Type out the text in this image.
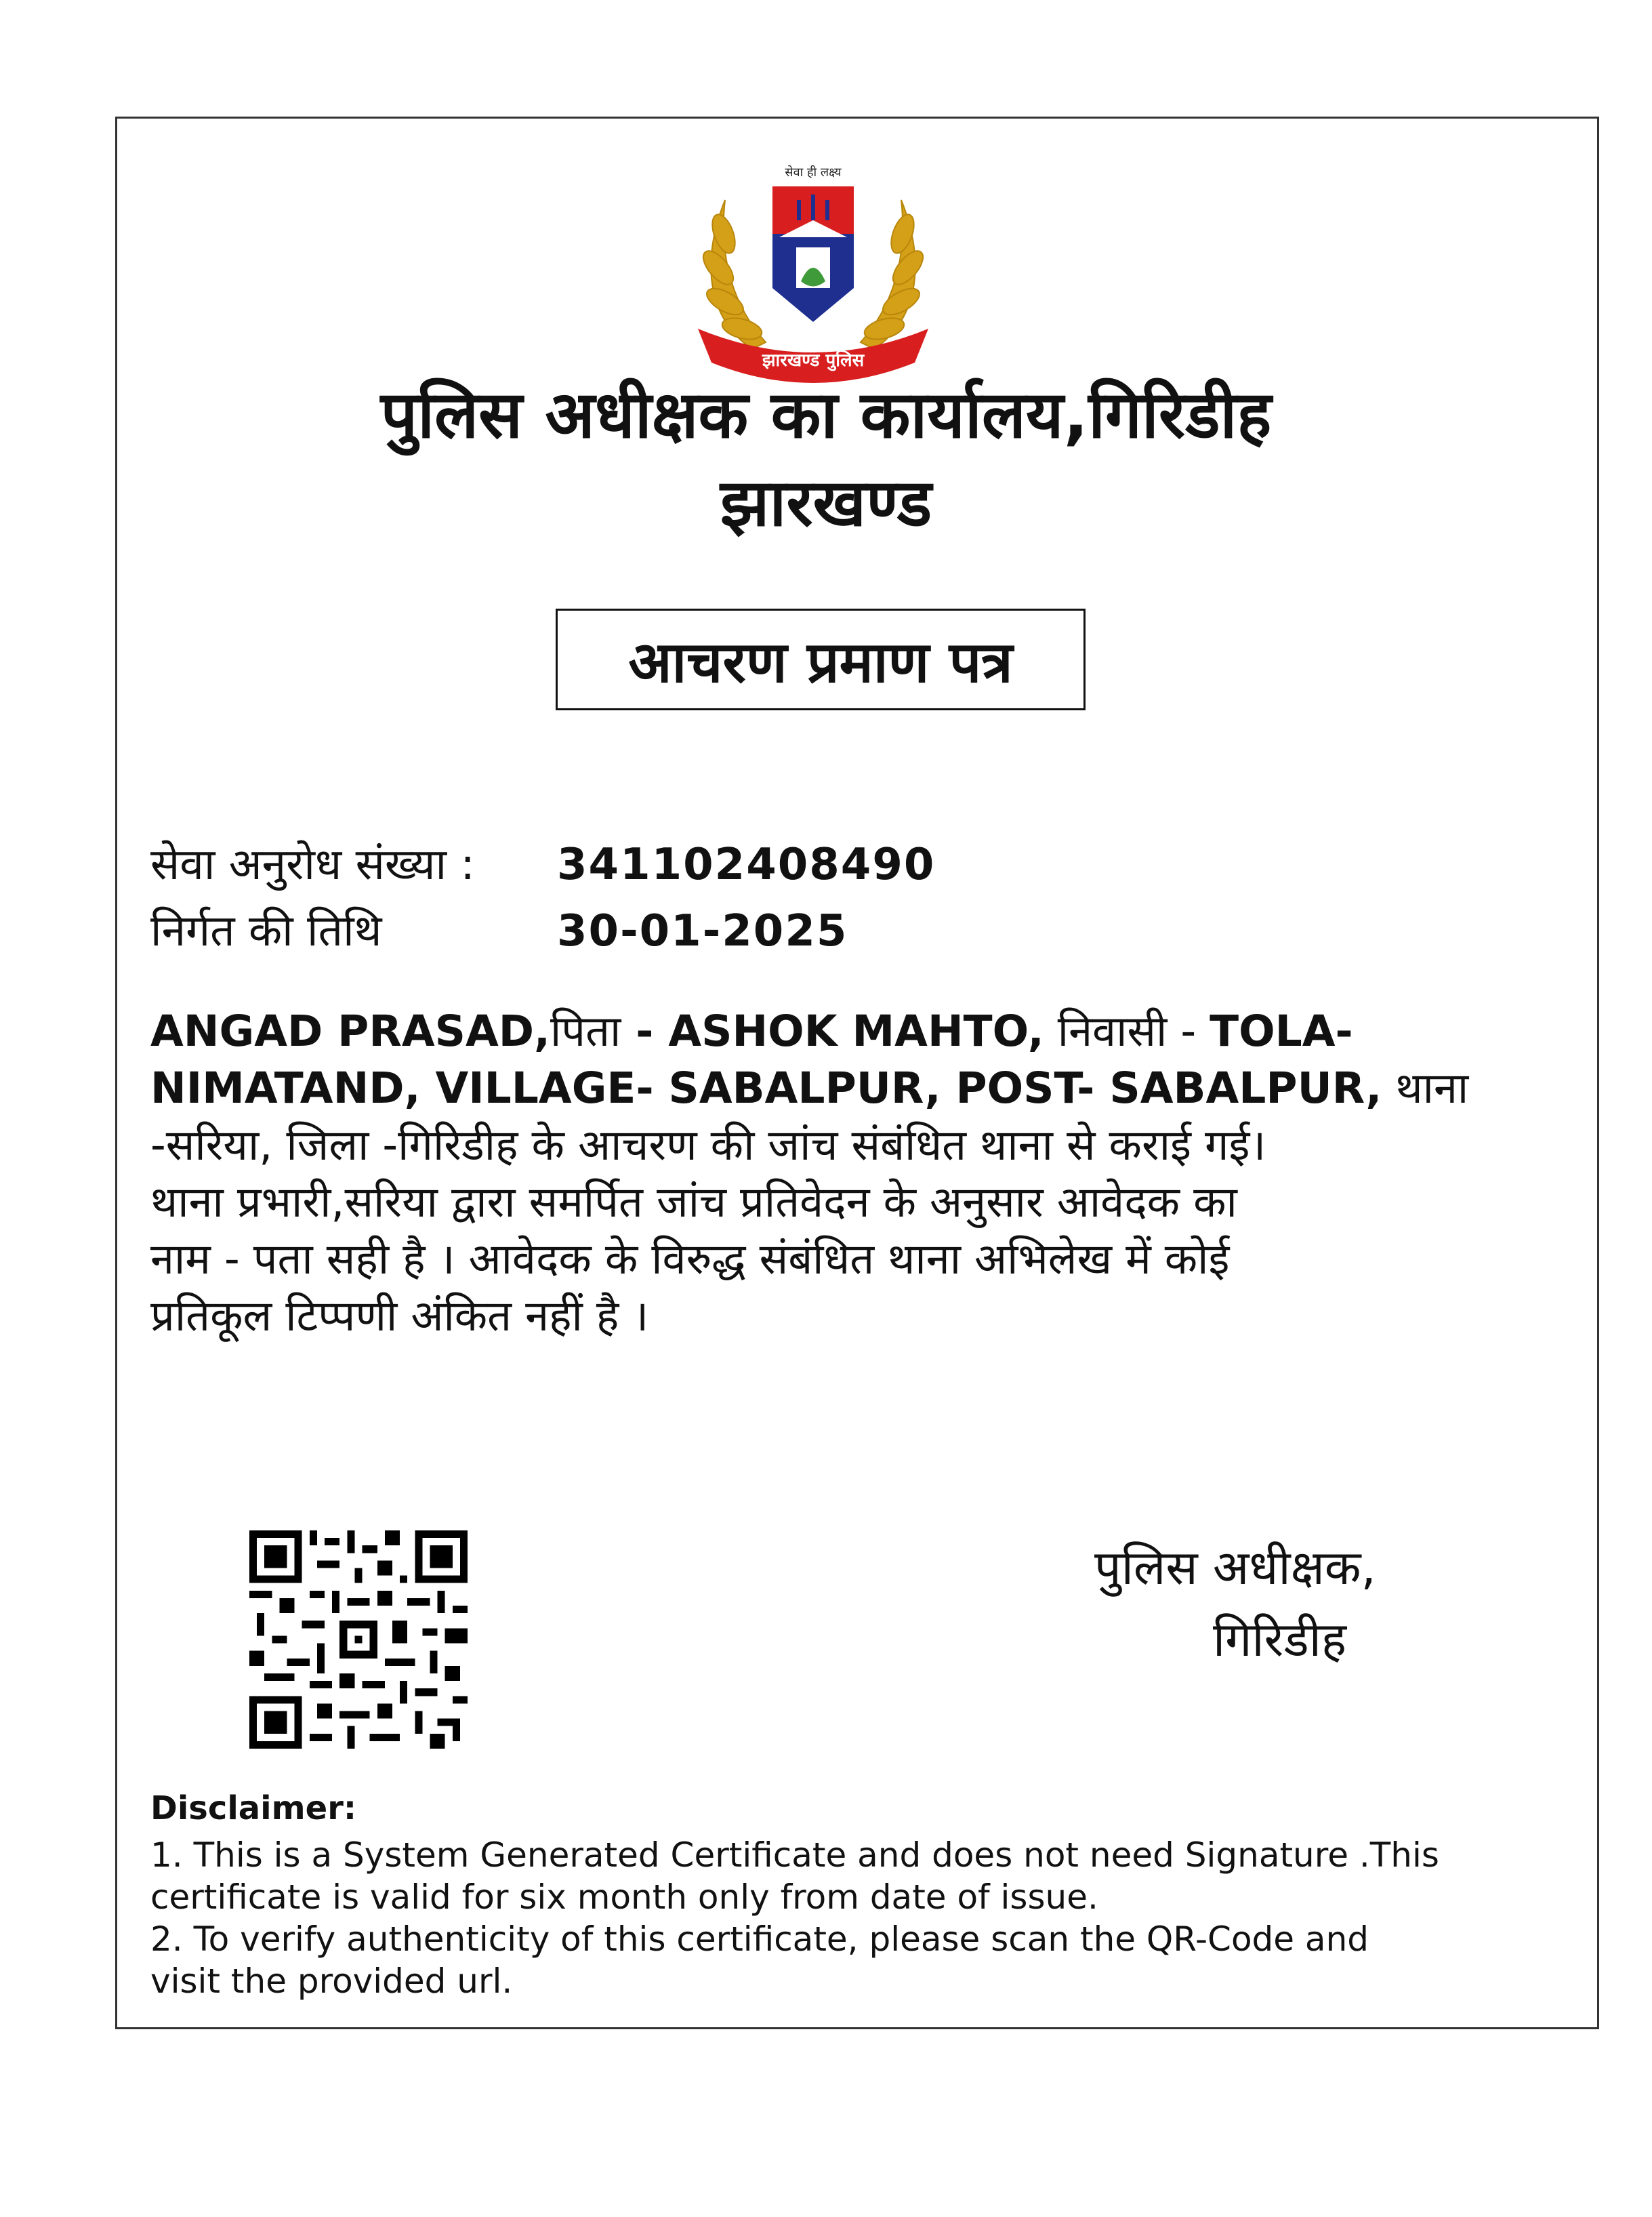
सेवा ही लक्ष्य
झारखण्ड पुलिस
पुलिस अधीक्षक का कार्यालय,गिरिडीह
झारखण्ड
आचरण प्रमाण पत्र
सेवा अनुरोध संख्या : 341102408490
निर्गत की तिथि	30-01-2025
ANGAD PRASAD,पिता - ASHOK MAHTO, निवासी - TOLA-
NIMATAND, VILLAGE- SABALPUR, POST- SABALPUR, थाना
-सरिया, जिला -गिरिडीह के आचरण की जांच संबंधित थाना से कराई गई।
थाना प्रभारी,सरिया द्वारा समर्पित जांच प्रतिवेदन के अनुसार आवेदक का
नाम - पता सही है । आवेदक के विरुद्ध संबंधित थाना अभिलेख में कोई
प्रतिकूल टिप्पणी अंकित नहीं है ।
पुलिस अधीक्षक,
गिरिडीह
Disclaimer:
1. This is a System Generated Certificate and does not need Signature .This
certificate is valid for six month only from date of issue.
2. To verify authenticity of this certificate, please scan the QR-Code and
visit the provided url.
